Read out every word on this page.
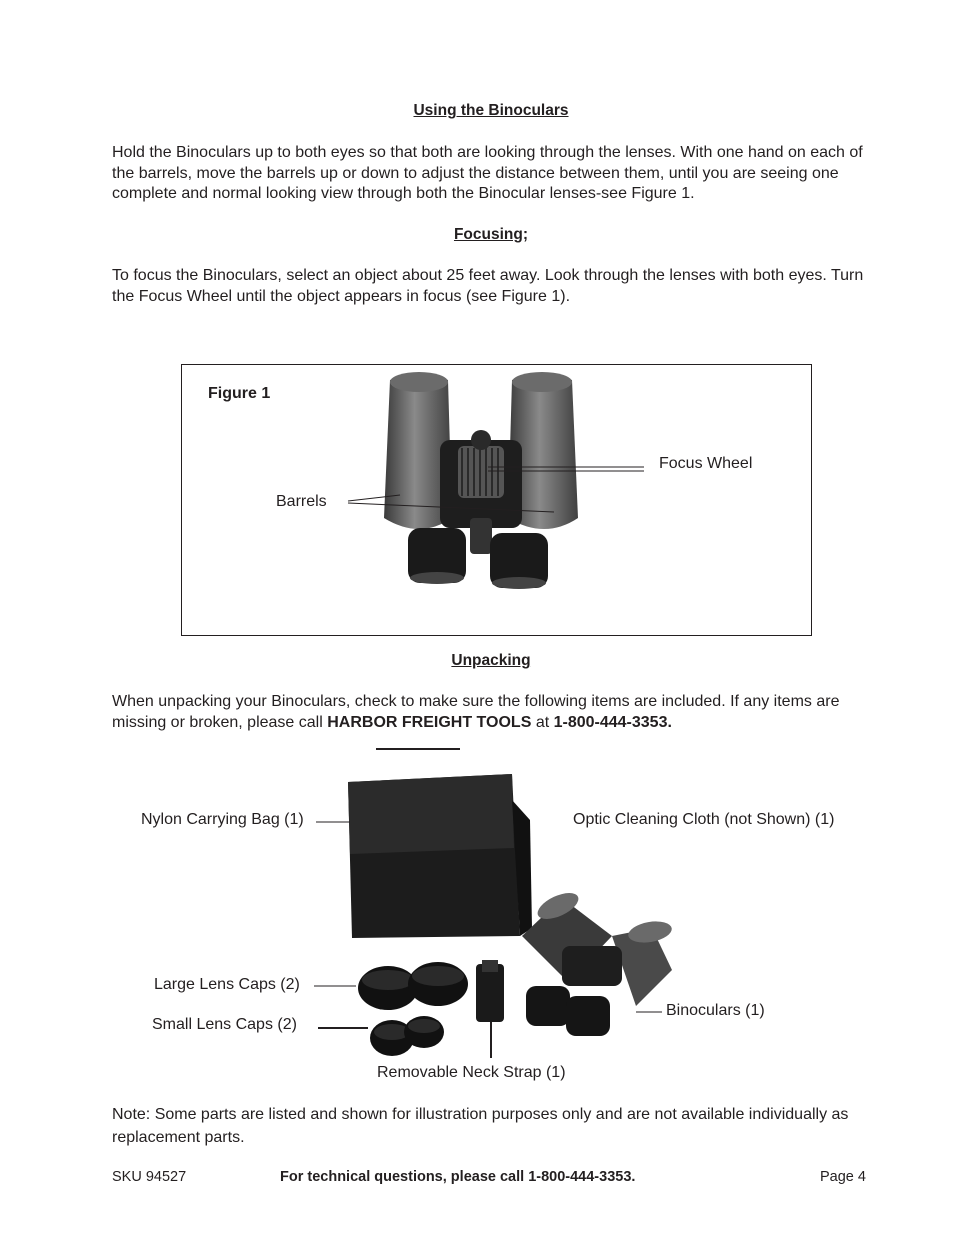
Using the Binoculars

Hold the Binoculars up to both eyes so that both are looking through the lenses. With one hand on each of the barrels, move the barrels up or down to adjust the distance between them, until you are seeing one complete and normal looking view through both the Binocular lenses-see Figure 1.

Focusing;

To focus the Binoculars, select an object about 25 feet away. Look through the lenses with both eyes. Turn the Focus Wheel until the object appears in focus (see Figure 1).

Figure 1
Focus Wheel
Barrels
Unpacking

When unpacking your Binoculars, check to make sure the following items are included. If any items are missing or broken, please call HARBOR FREIGHT TOOLS at 1-800-444-3353.

Nylon Carrying Bag (1)	Optic Cleaning Cloth (not Shown) (1)
Large Lens Caps (2)
Small Lens Caps (2)
Binoculars (1)
Removable Neck Strap (1)

Note: Some parts are listed and shown for illustration purposes only and are not available individually as replacement parts.

SKU 94527	For technical questions, please call 1-800-444-3353.	Page 4
